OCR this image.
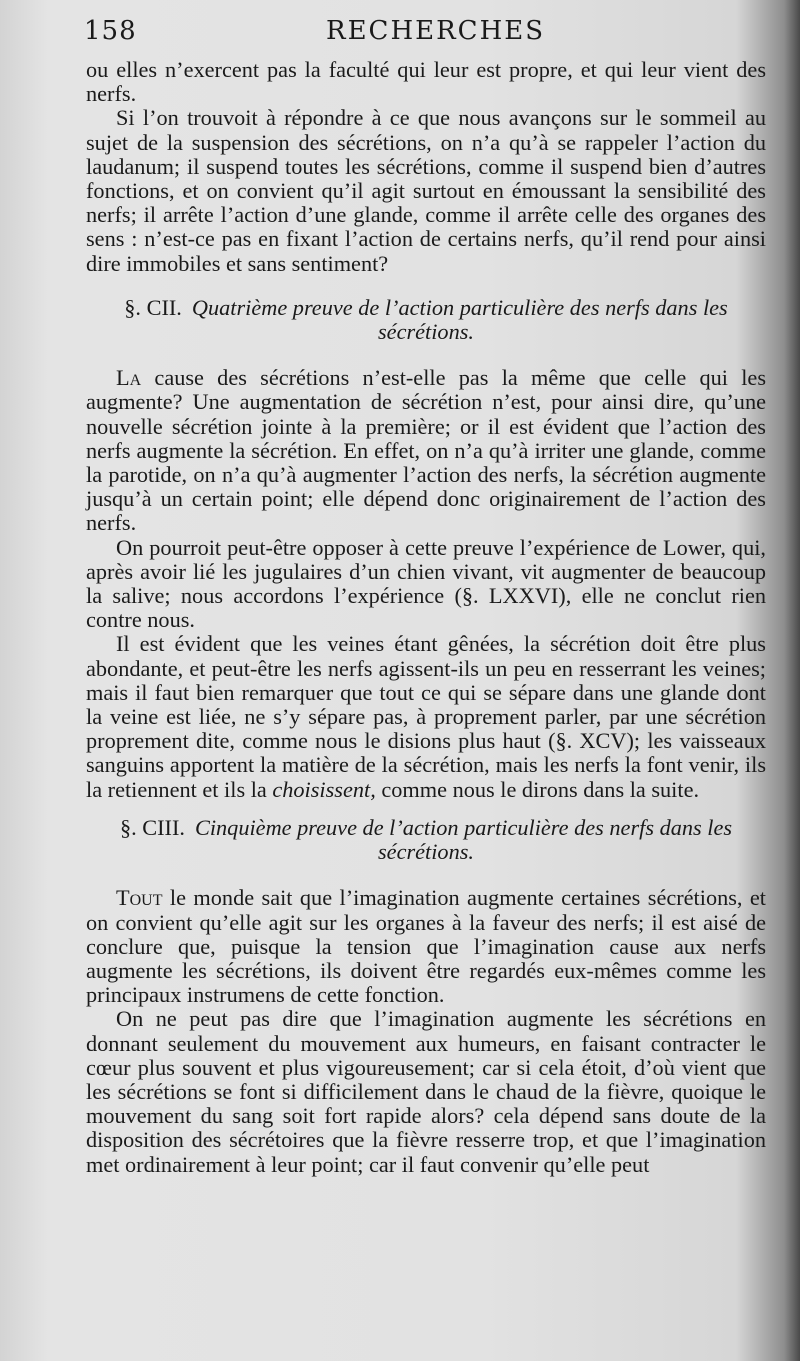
158	RECHERCHES

ou elles n’exercent pas la faculté qui leur est propre, et qui leur vient des nerfs.

Si l’on trouvoit à répondre à ce que nous avançons sur le sommeil au sujet de la suspension des sécrétions, on n’a qu’à se rappeler l’action du laudanum; il suspend toutes les sécrétions, comme il suspend bien d’autres fonctions, et on convient qu’il agit surtout en émoussant la sensibilité des nerfs; il arrête l’action d’une glande, comme il arrête celle des organes des sens : n’est-ce pas en fixant l’action de certains nerfs, qu’il rend pour ainsi dire immobiles et sans sentiment?

§. CII. Quatrième preuve de l’action particulière des nerfs dans les sécrétions.

La cause des sécrétions n’est-elle pas la même que celle qui les augmente? Une augmentation de sécrétion n’est, pour ainsi dire, qu’une nouvelle sécrétion jointe à la première; or il est évident que l’action des nerfs augmente la sécrétion. En effet, on n’a qu’à irriter une glande, comme la parotide, on n’a qu’à augmenter l’action des nerfs, la sécrétion augmente jusqu’à un certain point; elle dépend donc originairement de l’action des nerfs.

On pourroit peut-être opposer à cette preuve l’expérience de Lower, qui, après avoir lié les jugulaires d’un chien vivant, vit augmenter de beaucoup la salive; nous accordons l’expérience (§. LXXVI), elle ne conclut rien contre nous.

Il est évident que les veines étant gênées, la sécrétion doit être plus abondante, et peut-être les nerfs agissent-ils un peu en resserrant les veines; mais il faut bien remarquer que tout ce qui se sépare dans une glande dont la veine est liée, ne s’y sépare pas, à proprement parler, par une sécrétion proprement dite, comme nous le disions plus haut (§. XCV); les vaisseaux sanguins apportent la matière de la sécrétion, mais les nerfs la font venir, ils la retiennent et ils la choisissent, comme nous le dirons dans la suite.

§. CIII. Cinquième preuve de l’action particulière des nerfs dans les sécrétions.

Tout le monde sait que l’imagination augmente certaines sécrétions, et on convient qu’elle agit sur les organes à la faveur des nerfs; il est aisé de conclure que, puisque la tension que l’imagination cause aux nerfs augmente les sécrétions, ils doivent être regardés eux-mêmes comme les principaux instrumens de cette fonction.

On ne peut pas dire que l’imagination augmente les sécrétions en donnant seulement du mouvement aux humeurs, en faisant contracter le cœur plus souvent et plus vigoureusement; car si cela étoit, d’où vient que les sécrétions se font si difficilement dans le chaud de la fièvre, quoique le mouvement du sang soit fort rapide alors? cela dépend sans doute de la disposition des sécrétoires que la fièvre resserre trop, et que l’imagination met ordinairement à leur point; car il faut convenir qu’elle peut
